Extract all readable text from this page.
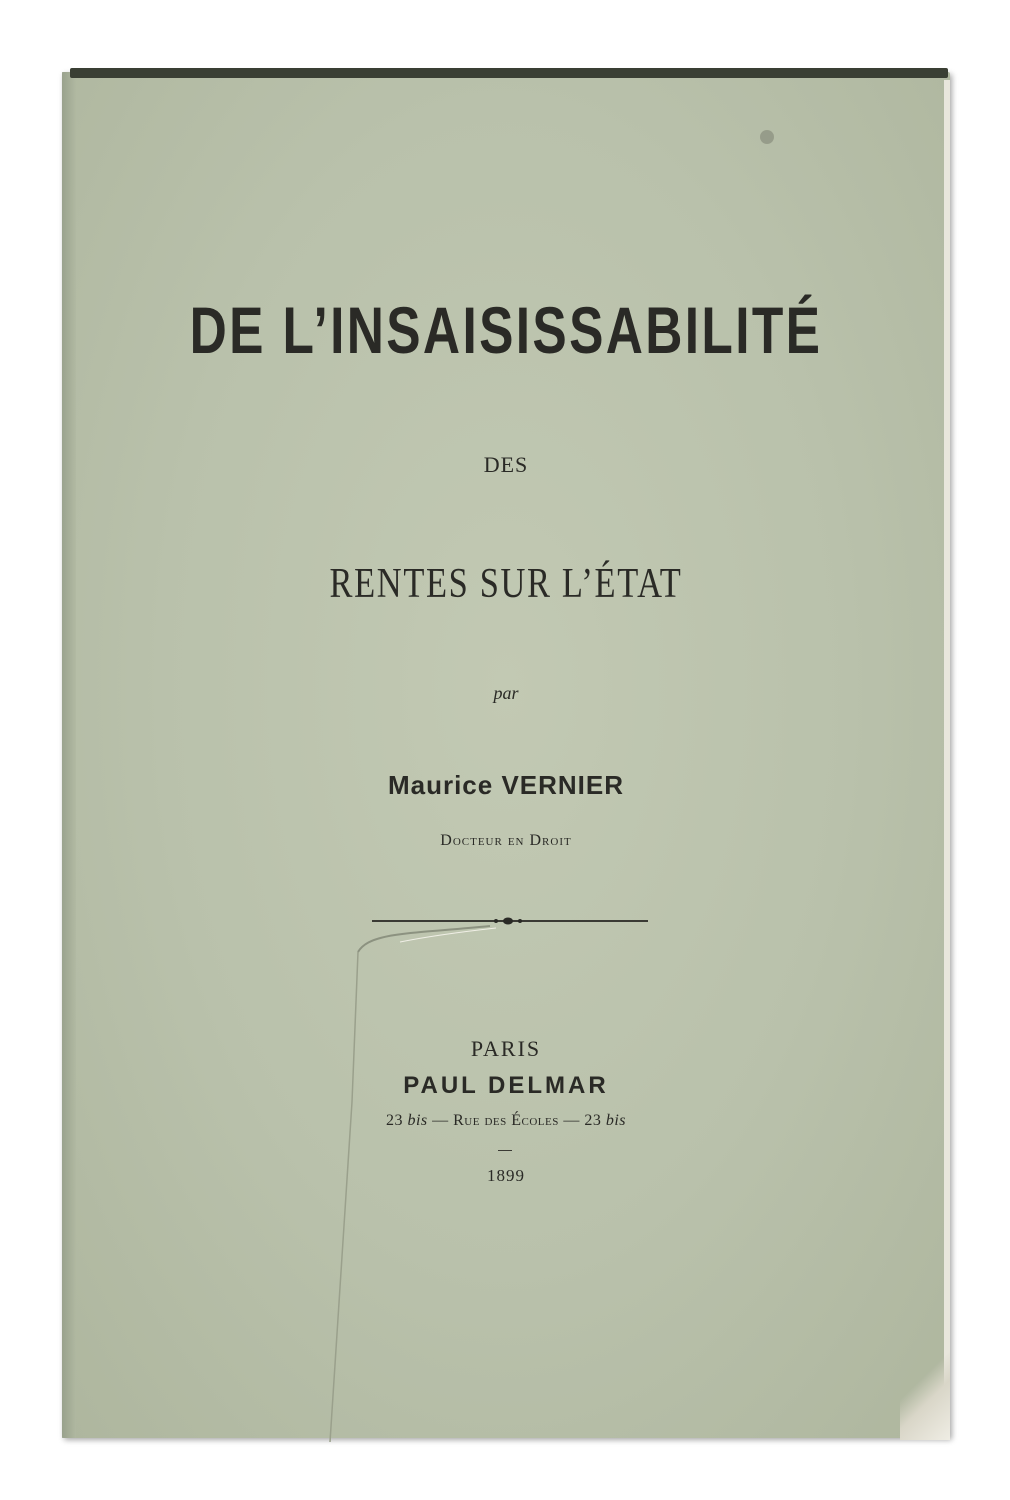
DE L’INSAISISSABILITÉ
DES
RENTES SUR L’ÉTAT
par
Maurice VERNIER
Docteur en Droit
PARIS
PAUL DELMAR
23 bis — Rue des Écoles — 23 bis
1899
